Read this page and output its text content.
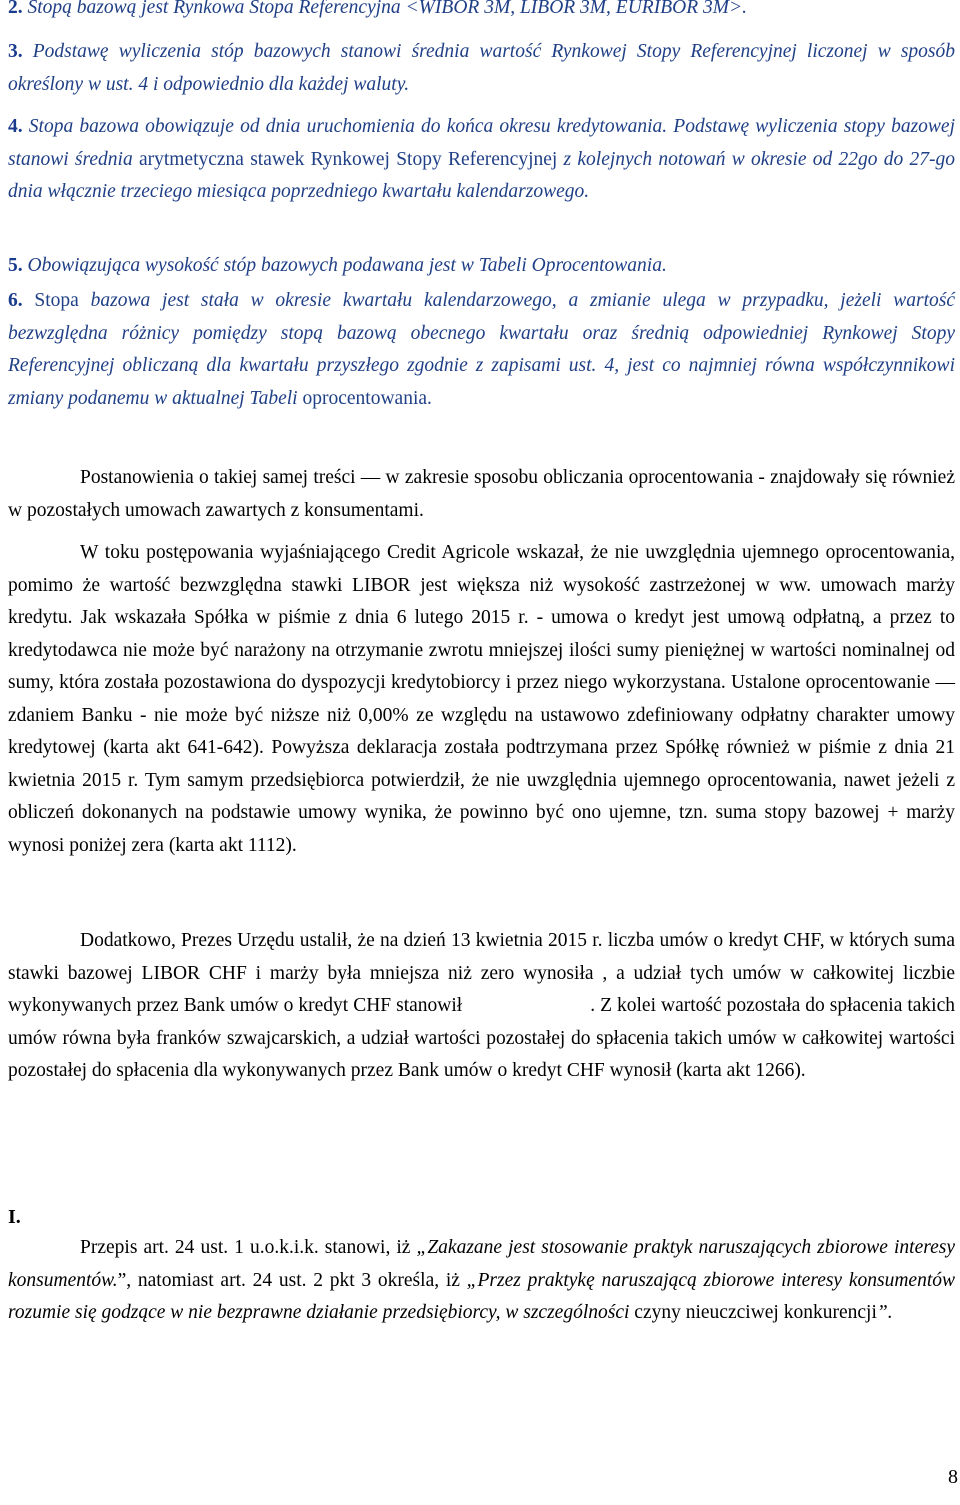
2. Stopą bazową jest Rynkowa Stopa Referencyjna <WIBOR 3M, LIBOR 3M, EURIBOR 3M>.

3. Podstawę wyliczenia stóp bazowych stanowi średnia wartość Rynkowej Stopy Referencyjnej liczonej w sposób określony w ust. 4 i odpowiednio dla każdej waluty.

4. Stopa bazowa obowiązuje od dnia uruchomienia do końca okresu kredytowania. Podstawę wyliczenia stopy bazowej stanowi średnia arytmetyczna stawek Rynkowej Stopy Referencyjnej z kolejnych notowań w okresie od 22go do 27-go dnia włącznie trzeciego miesiąca poprzedniego kwartału kalendarzowego.

5. Obowiązująca wysokość stóp bazowych podawana jest w Tabeli Oprocentowania.

6. Stopa bazowa jest stała w okresie kwartału kalendarzowego, a zmianie ulega w przypadku, jeżeli wartość bezwzględna różnicy pomiędzy stopą bazową obecnego kwartału oraz średnią odpowiedniej Rynkowej Stopy Referencyjnej obliczaną dla kwartału przyszłego zgodnie z zapisami ust. 4, jest co najmniej równa współczynnikowi zmiany podanemu w aktualnej Tabeli oprocentowania.

Postanowienia o takiej samej treści ― w zakresie sposobu obliczania oprocentowania - znajdowały się również w pozostałych umowach zawartych z konsumentami.

W toku postępowania wyjaśniającego Credit Agricole wskazał, że nie uwzględnia ujemnego oprocentowania, pomimo że wartość bezwzględna stawki LIBOR jest większa niż wysokość zastrzeżonej w ww. umowach marży kredytu. Jak wskazała Spółka w piśmie z dnia 6 lutego 2015 r. - umowa o kredyt jest umową odpłatną, a przez to kredytodawca nie może być narażony na otrzymanie zwrotu mniejszej ilości sumy pieniężnej w wartości nominalnej od sumy, która została pozostawiona do dyspozycji kredytobiorcy i przez niego wykorzystana. Ustalone oprocentowanie ― zdaniem Banku - nie może być niższe niż 0,00% ze względu na ustawowo zdefiniowany odpłatny charakter umowy kredytowej (karta akt 641-642). Powyższa deklaracja została podtrzymana przez Spółkę również w piśmie z dnia 21 kwietnia 2015 r. Tym samym przedsiębiorca potwierdził, że nie uwzględnia ujemnego oprocentowania, nawet jeżeli z obliczeń dokonanych na podstawie umowy wynika, że powinno być ono ujemne, tzn. suma stopy bazowej + marży wynosi poniżej zera (karta akt 1112).

Dodatkowo, Prezes Urzędu ustalił, że na dzień 13 kwietnia 2015 r. liczba umów o kredyt CHF, w których suma stawki bazowej LIBOR CHF i marży była mniejsza niż zero wynosiła , a udział tych umów w całkowitej liczbie wykonywanych przez Bank umów o kredyt CHF stanowił	. Z kolei wartość pozostała do spłacenia takich umów równa była franków szwajcarskich, a udział wartości pozostałej do spłacenia takich umów w całkowitej wartości pozostałej do spłacenia dla wykonywanych przez Bank umów o kredyt CHF wynosił (karta akt 1266).

I.

Przepis art. 24 ust. 1 u.o.k.i.k. stanowi, iż „Zakazane jest stosowanie praktyk naruszających zbiorowe interesy konsumentów.”, natomiast art. 24 ust. 2 pkt 3 określa, iż „Przez praktykę naruszającą zbiorowe interesy konsumentów rozumie się godzące w nie bezprawne działanie przedsiębiorcy, w szczególności czyny nieuczciwej konkurencji”.

8
